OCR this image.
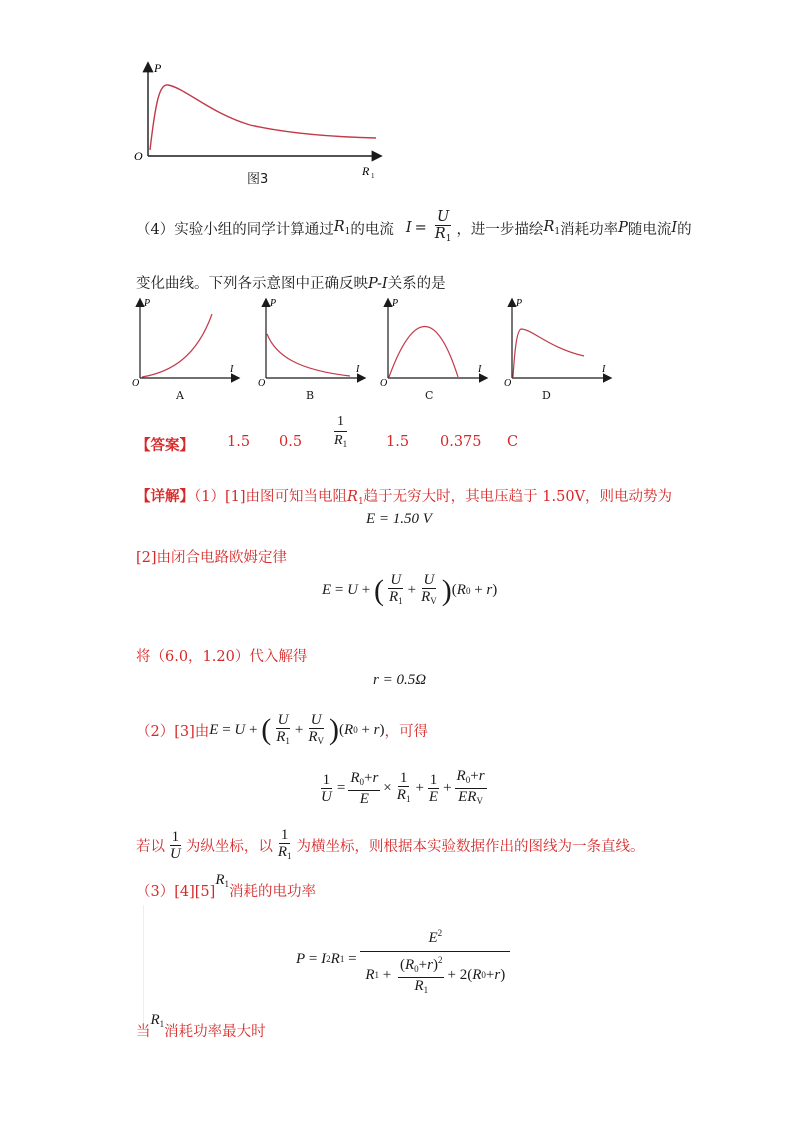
P
O
R 1
图3
（4）实验小组的同学计算通过 $R_1$ 的电流 $I = \frac{U}{R_1}$ ，进一步描绘 $R_1$ 消耗功率 P 随电流 I 的
变化曲线。下列各示意图中正确反映P-I关系的是
P
O
I
A
P
O
I
B
P
O
I
C
P
O
I
D
【答案】 1.5 0.5
1
$R_1$	1.5 0.375 C
【详解】（1）[1]由图可知当电阻$R_1$趋于无穷大时，其电压趋于 1.50V，则电动势为
E = 1.50 V
[2]由闭合电路欧姆定律
E = U + ( $\frac{U}{R_1} + \frac{U}{R_V}$ ) ( R 0 + r )
将（6.0，1.20）代入解得
r = 0.5Ω
（2）[3]由 E = U + ( $\frac{U}{R_1} + \frac{U}{R_V}$ ) ( R 0 + r ) ，可得
$\frac{1}{U} = \frac{R_0+r}{E} \times \frac{1}{R_1} + \frac{1}{E} + \frac{R_0+r}{ER_V}$
若以 $\frac{1}{U}$ 为纵坐标，以 $\frac{1}{R_1}$ 为横坐标，则根据本实验数据作出的图线为一条直线。
（3）[4][5]
$R_1$ 消耗的电功率
P = I 2 R 1 =
$E^2$
R $1 + \frac{(R_0+r)^2}{R_1} + 2$( R 0 + r )
当
$R_1$ 消耗功率最大时
